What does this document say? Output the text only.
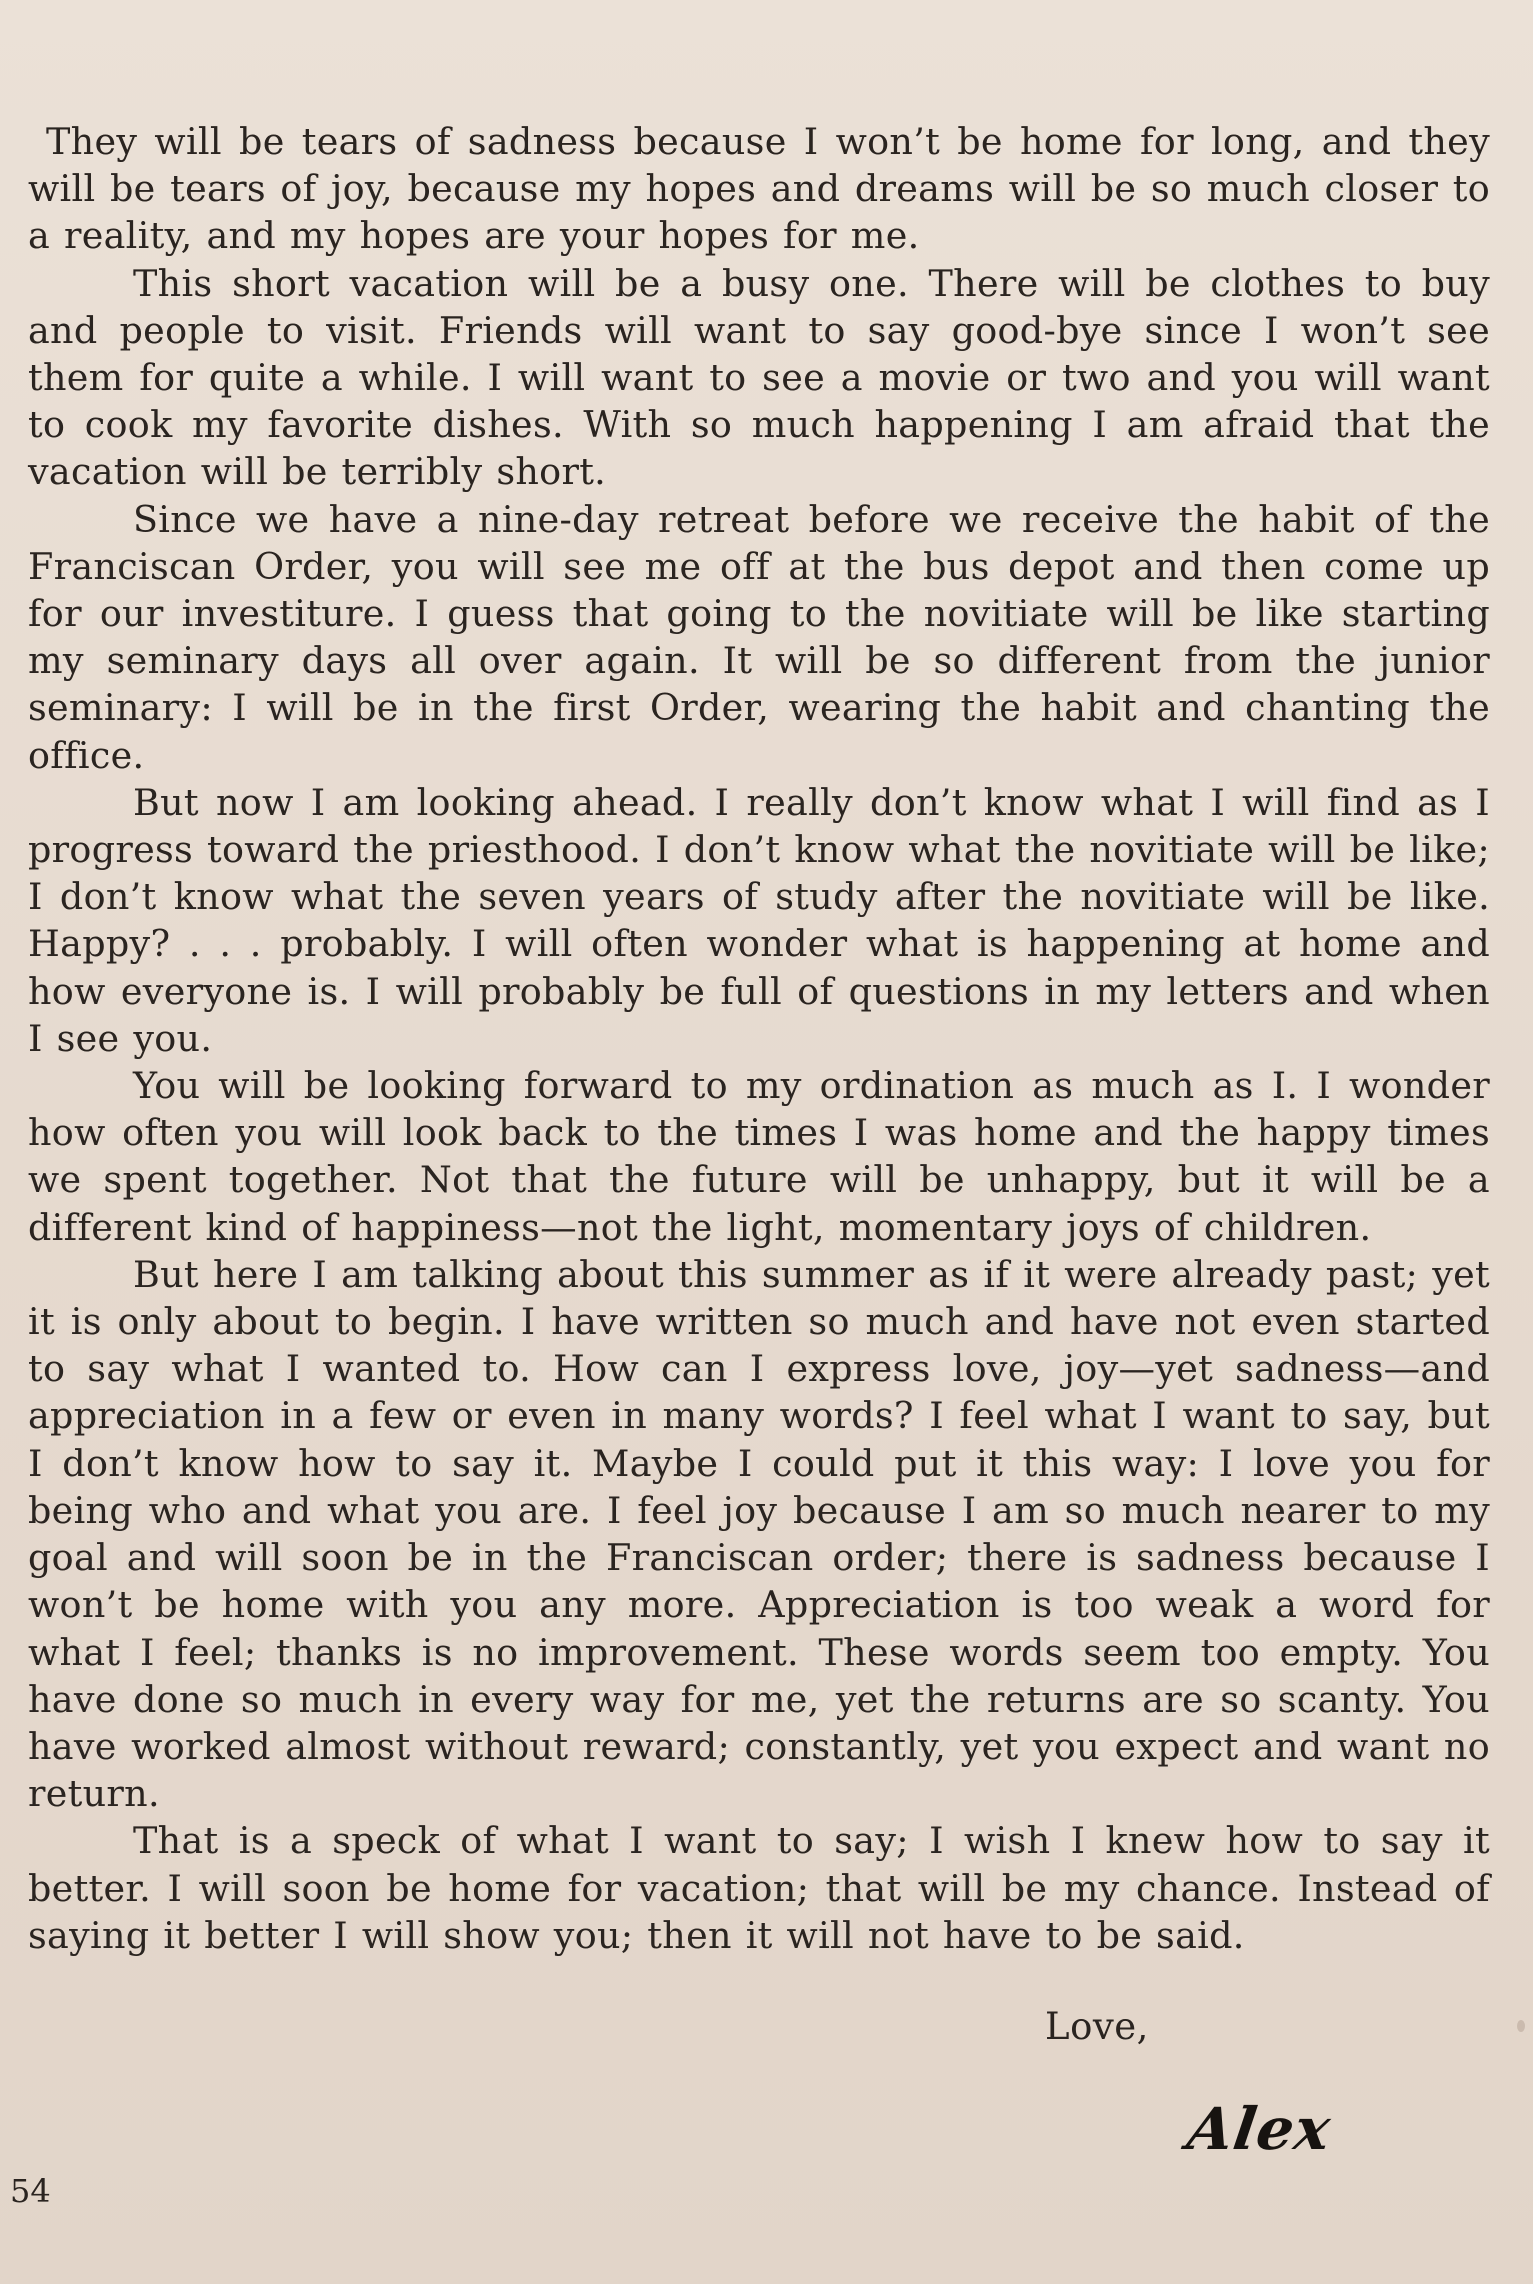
They will be tears of sadness because I won’t be home for long, and they will be tears of joy, because my hopes and dreams will be so much closer to a reality, and my hopes are your hopes for me.

This short vacation will be a busy one. There will be clothes to buy and people to visit. Friends will want to say good-bye since I won’t see them for quite a while. I will want to see a movie or two and you will want to cook my favorite dishes. With so much happening I am afraid that the vacation will be terribly short.

Since we have a nine-day retreat before we receive the habit of the Franciscan Order, you will see me off at the bus depot and then come up for our investiture. I guess that going to the novitiate will be like starting my seminary days all over again. It will be so different from the junior seminary: I will be in the first Order, wearing the habit and chanting the office.

But now I am looking ahead. I really don’t know what I will find as I progress toward the priesthood. I don’t know what the novitiate will be like; I don’t know what the seven years of study after the novitiate will be like. Happy? . . . probably. I will often wonder what is happening at home and how everyone is. I will probably be full of questions in my letters and when I see you.

You will be looking forward to my ordination as much as I. I wonder how often you will look back to the times I was home and the happy times we spent together. Not that the future will be unhappy, but it will be a different kind of happiness—not the light, momentary joys of children.

But here I am talking about this summer as if it were already past; yet it is only about to begin. I have written so much and have not even started to say what I wanted to. How can I express love, joy—yet sadness—and appreciation in a few or even in many words? I feel what I want to say, but I don’t know how to say it. Maybe I could put it this way: I love you for being who and what you are. I feel joy because I am so much nearer to my goal and will soon be in the Franciscan order; there is sadness because I won’t be home with you any more. Appreciation is too weak a word for what I feel; thanks is no improvement. These words seem too empty. You have done so much in every way for me, yet the returns are so scanty. You have worked almost without reward; constantly, yet you expect and want no return.

That is a speck of what I want to say; I wish I knew how to say it better. I will soon be home for vacation; that will be my chance. Instead of saying it better I will show you; then it will not have to be said.

Love,
Alex
54
